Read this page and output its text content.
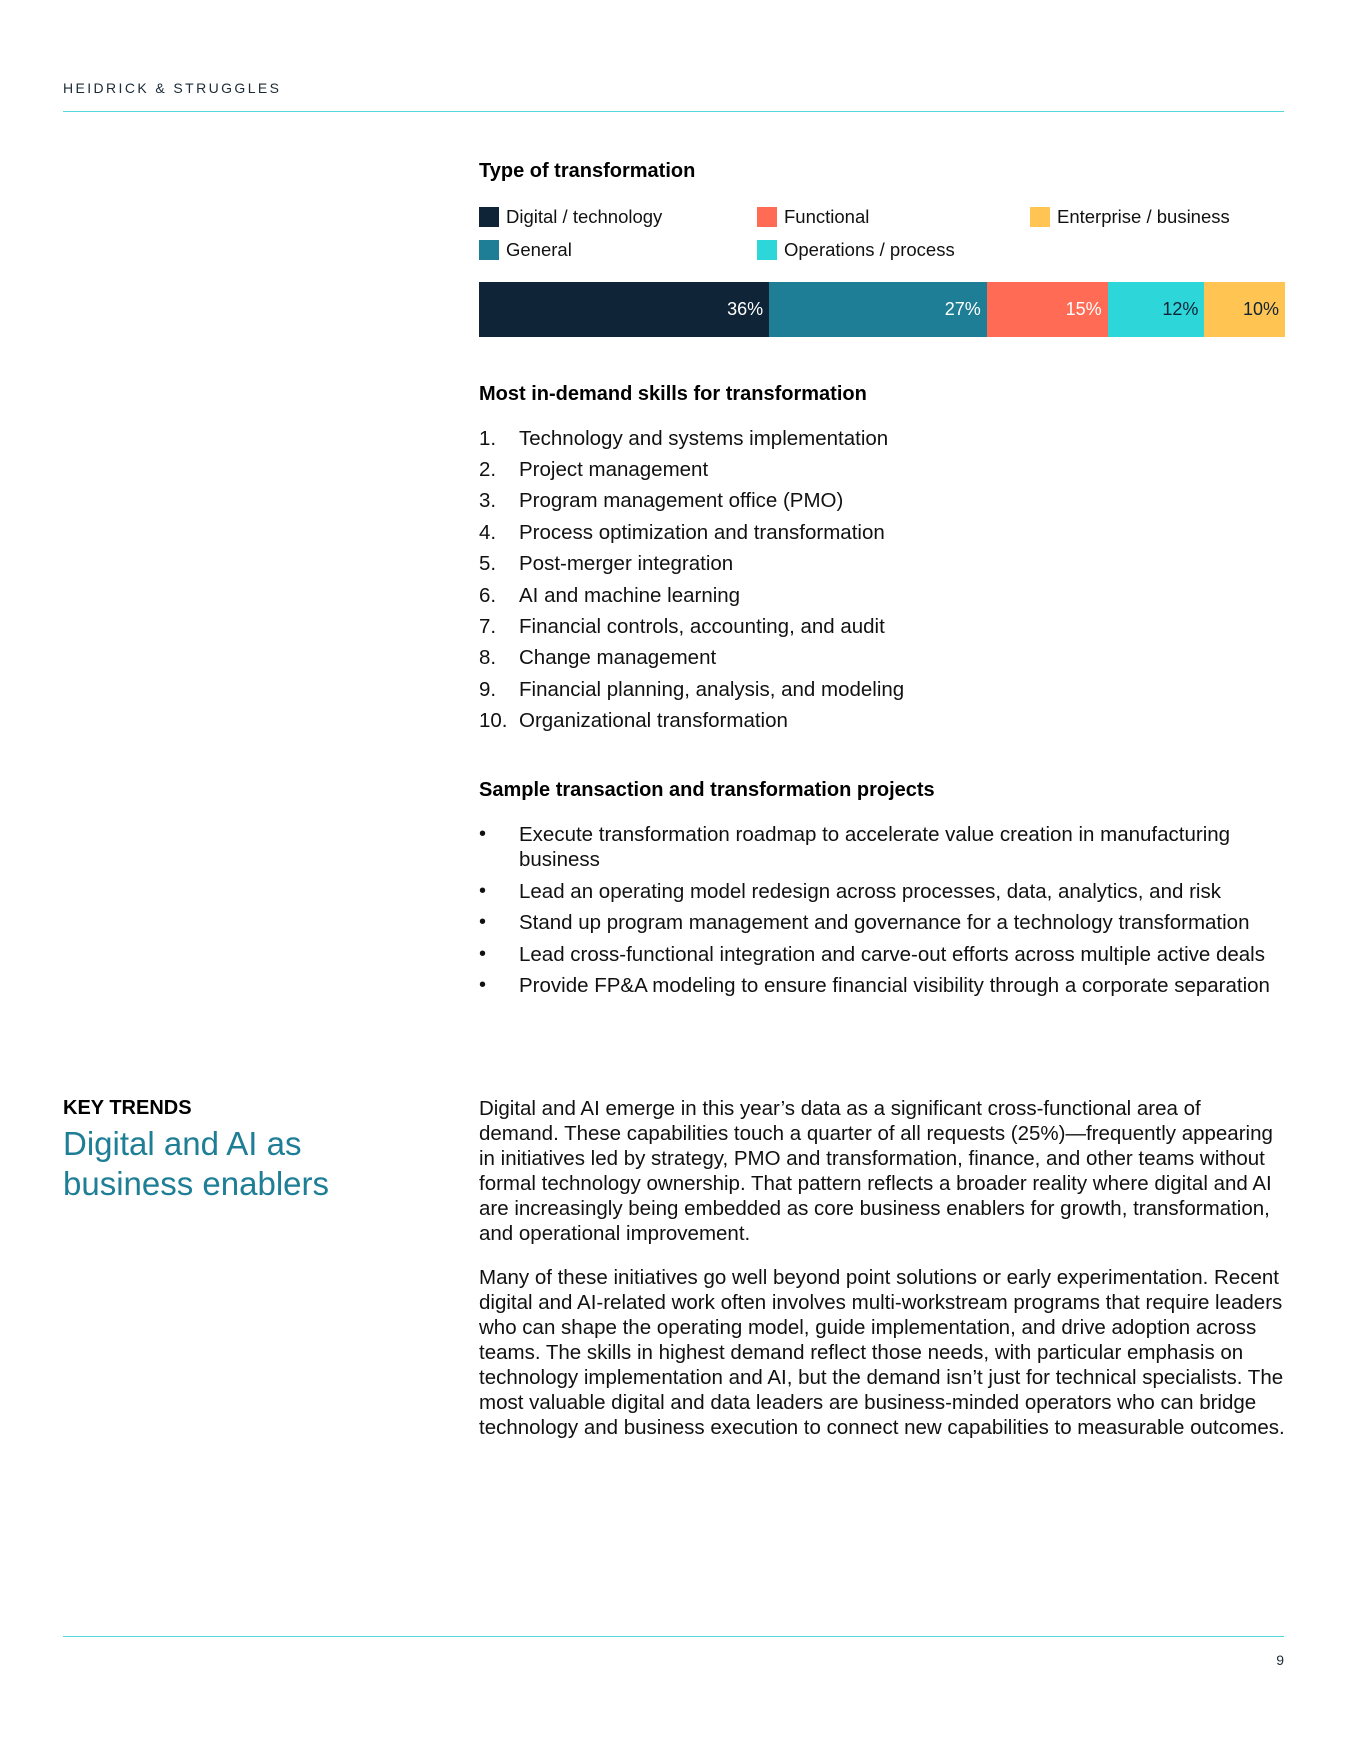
HEIDRICK & STRUGGLES
Type of transformation
Digital / technology	Functional	Enterprise / business
General	Operations / process
36%	27%	15%	12% 10%
Most in-demand skills for transformation
1.	Technology and systems implementation
2.	Project management
3.	Program management office (PMO)
4.	Process optimization and transformation
5.	Post-merger integration
6.	AI and machine learning
7.	Financial controls, accounting, and audit
8.	Change management
9.	Financial planning, analysis, and modeling
10. Organizational transformation
Sample transaction and transformation projects
• Execute transformation roadmap to accelerate value creation in manufacturing business
• Lead an operating model redesign across processes, data, analytics, and risk
• Stand up program management and governance for a technology transformation
• Lead cross-functional integration and carve-out efforts across multiple active deals
• Provide FP&A modeling to ensure financial visibility through a corporate separation
KEY TRENDS
Digital and AI as business enablers

Digital and AI emerge in this year’s data as a significant cross-functional area of demand. These capabilities touch a quarter of all requests (25%)—frequently appearing in initiatives led by strategy, PMO and transformation, finance, and other teams without formal technology ownership. That pattern reflects a broader reality where digital and AI are increasingly being embedded as core business enablers for growth, transformation, and operational improvement.

Many of these initiatives go well beyond point solutions or early experimentation. Recent digital and AI-related work often involves multi-workstream programs that require leaders who can shape the operating model, guide implementation, and drive adoption across teams. The skills in highest demand reflect those needs, with particular emphasis on technology implementation and AI, but the demand isn’t just for technical specialists. The most valuable digital and data leaders are business-minded operators who can bridge technology and business execution to connect new capabilities to measurable outcomes.

9
